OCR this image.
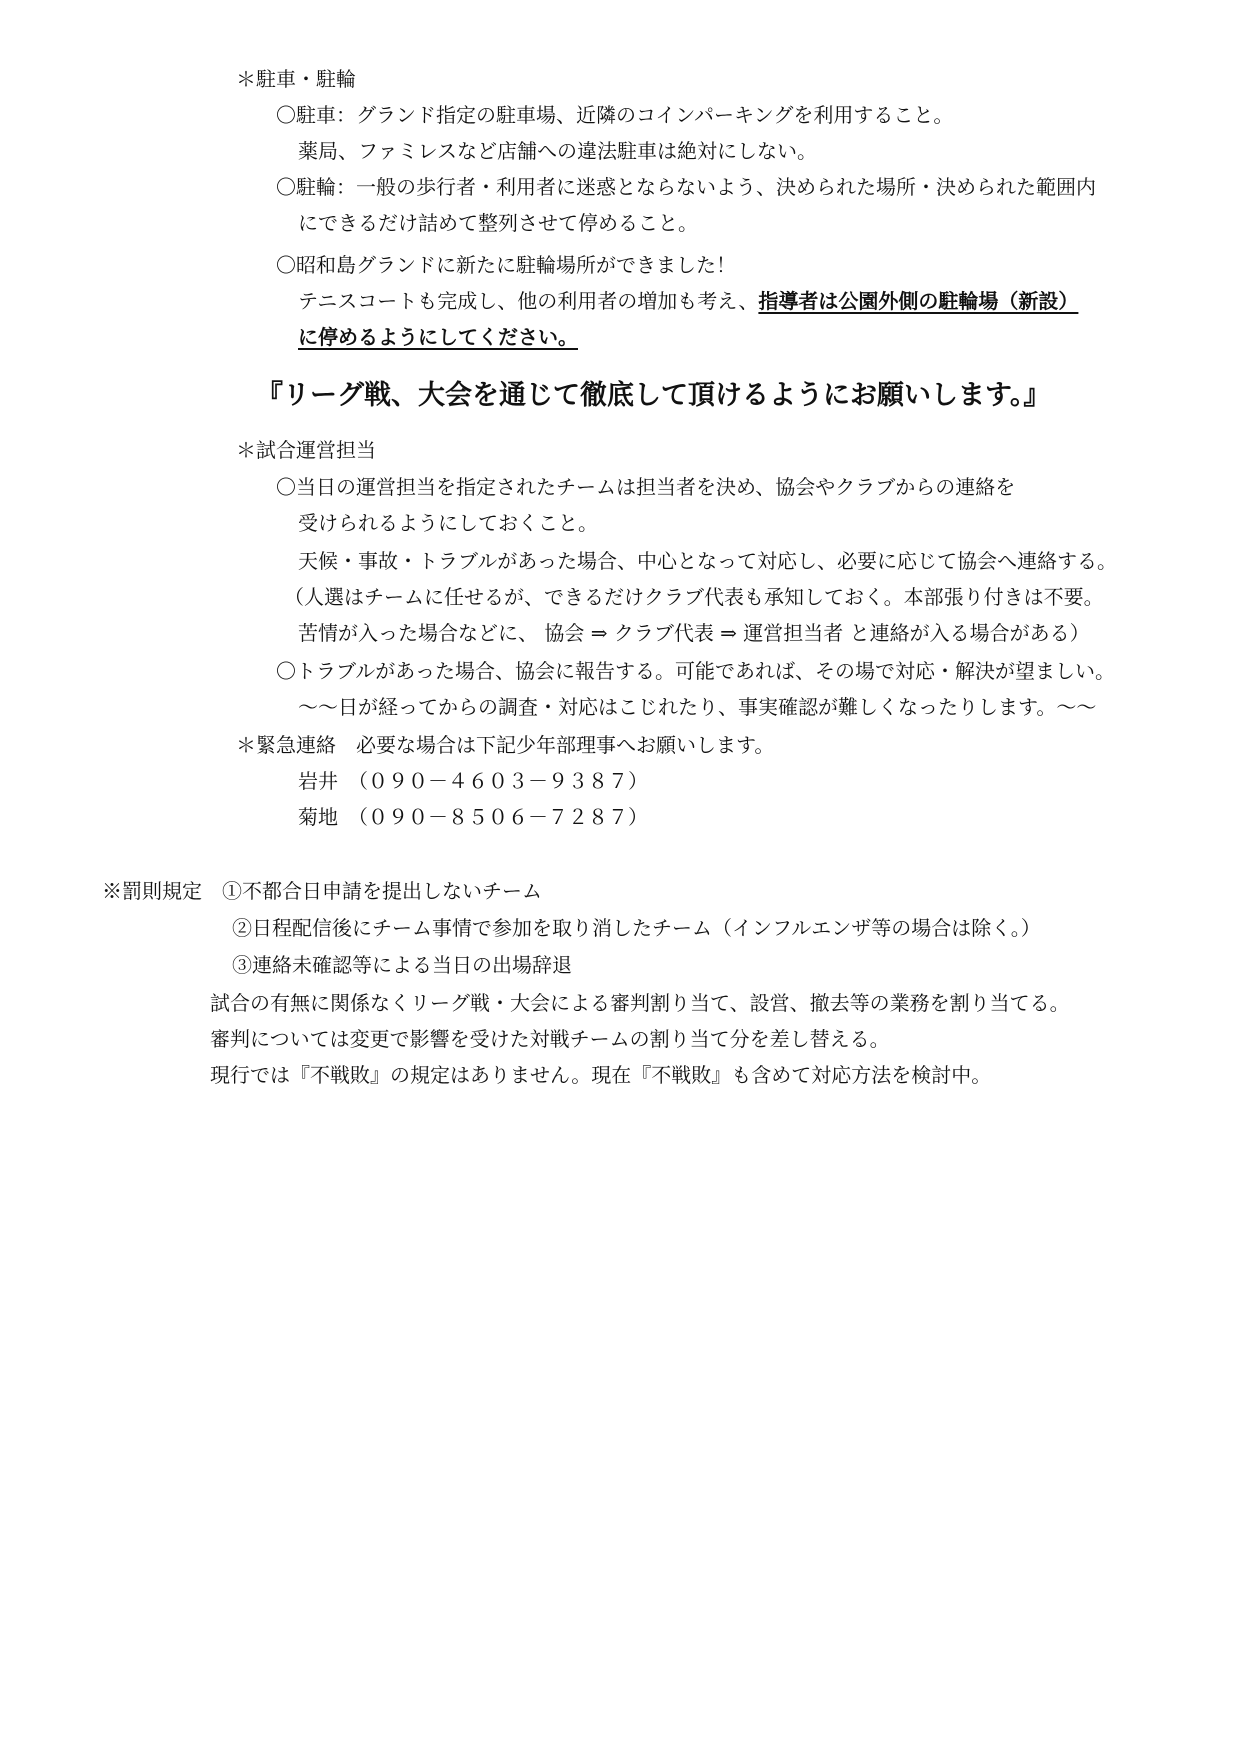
＊駐車・駐輪
〇駐車：グランド指定の駐車場、近隣のコインパーキングを利用すること。
薬局、ファミレスなど店舗への違法駐車は絶対にしない。
〇駐輪：一般の歩行者・利用者に迷惑とならないよう、決められた場所・決められた範囲内
にできるだけ詰めて整列させて停めること。
〇昭和島グランドに新たに駐輪場所ができました！
テニスコートも完成し、他の利用者の増加も考え、指導者は公園外側の駐輪場（新設）
に停めるようにしてください。
『リーグ戦、大会を通じて徹底して頂けるようにお願いします。』
＊試合運営担当
〇当日の運営担当を指定されたチームは担当者を決め、協会やクラブからの連絡を
受けられるようにしておくこと。
天候・事故・トラブルがあった場合、中心となって対応し、必要に応じて協会へ連絡する。
（人選はチームに任せるが、できるだけクラブ代表も承知しておく。本部張り付きは不要。
苦情が入った場合などに、 協会 ⇒ クラブ代表 ⇒ 運営担当者 と連絡が入る場合がある）
〇トラブルがあった場合、協会に報告する。可能であれば、その場で対応・解決が望ましい。
～～日が経ってからの調査・対応はこじれたり、事実確認が難しくなったりします。～～
＊緊急連絡　必要な場合は下記少年部理事へお願いします。
岩井　（０９０－４６０３－９３８７）
菊地　（０９０－８５０６－７２８７）
※罰則規定　①不都合日申請を提出しないチーム
②日程配信後にチーム事情で参加を取り消したチーム（インフルエンザ等の場合は除く。）
③連絡未確認等による当日の出場辞退
試合の有無に関係なくリーグ戦・大会による審判割り当て、設営、撤去等の業務を割り当てる。
審判については変更で影響を受けた対戦チームの割り当て分を差し替える。
現行では『不戦敗』の規定はありません。現在『不戦敗』も含めて対応方法を検討中。
